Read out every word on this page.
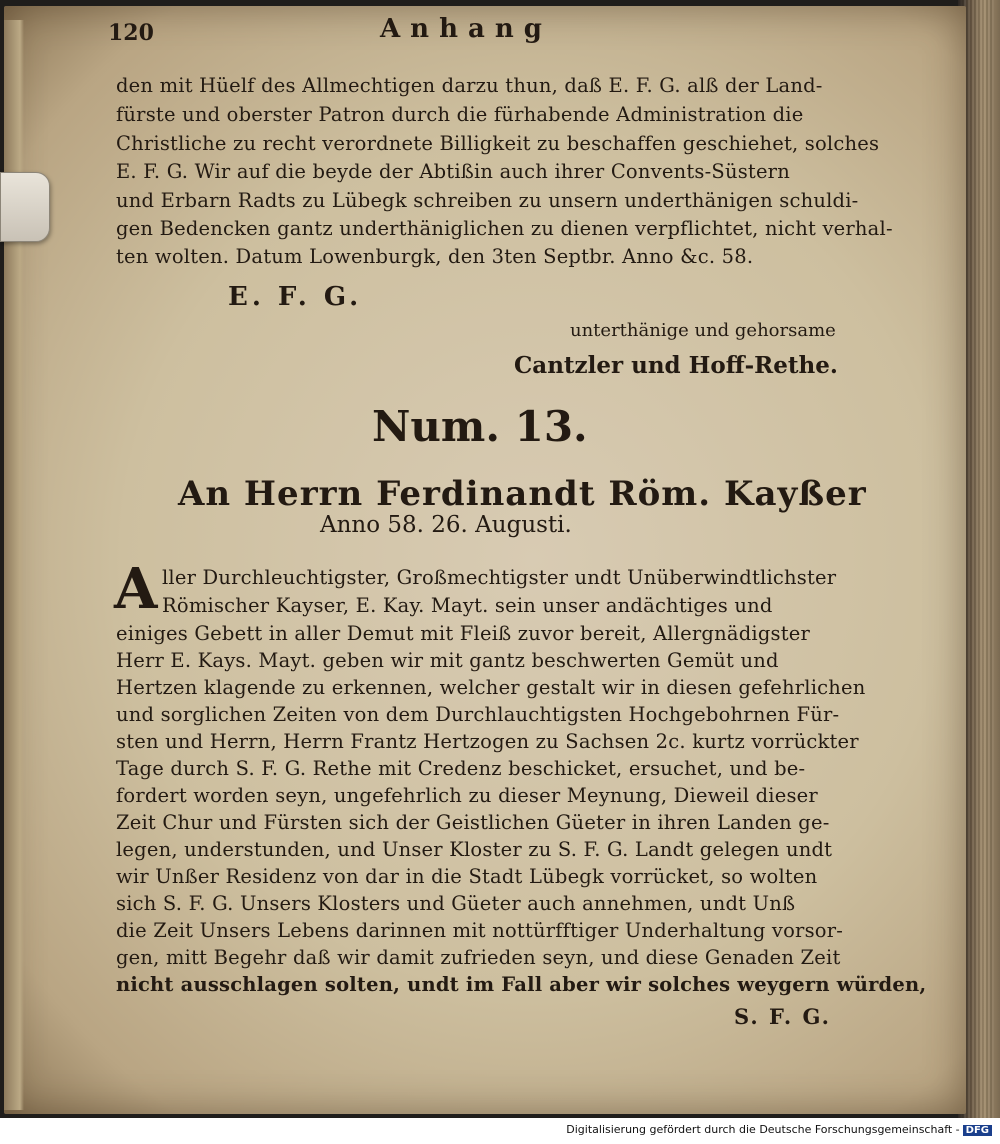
120	Anhang
den mit Hüelf des Allmechtigen darzu thun, daß E. F. G. alß der Land-
fürste und oberster Patron durch die fürhabende Administration die
Christliche zu recht verordnete Billigkeit zu beschaffen geschiehet, solches
E. F. G. Wir auf die beyde der Abtißin auch ihrer Convents-Süstern
und Erbarn Radts zu Lübegk schreiben zu unsern underthänigen schuldi-
gen Bedencken gantz underthäniglichen zu dienen verpflichtet, nicht verhal-
ten wolten. Datum Lowenburgk, den 3ten Septbr. Anno &c. 58.
E. F. G.
unterthänige und gehorsame
Cantzler und Hoff-Rethe.
Num. 13.
An Herrn Ferdinandt Röm. Kayßer
Anno 58. 26. Augusti.
A ller Durchleuchtigster, Großmechtigster undt Unüberwindtlichster
Römischer Kayser, E. Kay. Mayt. sein unser andächtiges und
einiges Gebett in aller Demut mit Fleiß zuvor bereit, Allergnädigster
Herr E. Kays. Mayt. geben wir mit gantz beschwerten Gemüt und
Hertzen klagende zu erkennen, welcher gestalt wir in diesen gefehrlichen
und sorglichen Zeiten von dem Durchlauchtigsten Hochgebohrnen Für-
sten und Herrn, Herrn Frantz Hertzogen zu Sachsen 2c. kurtz vorrückter
Tage durch S. F. G. Rethe mit Credenz beschicket, ersuchet, und be-
fordert worden seyn, ungefehrlich zu dieser Meynung, Dieweil dieser
Zeit Chur und Fürsten sich der Geistlichen Güeter in ihren Landen ge-
legen, understunden, und Unser Kloster zu S. F. G. Landt gelegen undt
wir Unßer Residenz von dar in die Stadt Lübegk vorrücket, so wolten
sich S. F. G. Unsers Klosters und Güeter auch annehmen, undt Unß
die Zeit Unsers Lebens darinnen mit nottürfftiger Underhaltung vorsor-
gen, mitt Begehr daß wir damit zufrieden seyn, und diese Genaden Zeit
nicht ausschlagen solten, undt im Fall aber wir solches weygern würden,
S. F. G.
Digitalisierung gefördert durch die Deutsche Forschungsgemeinschaft - DFG
